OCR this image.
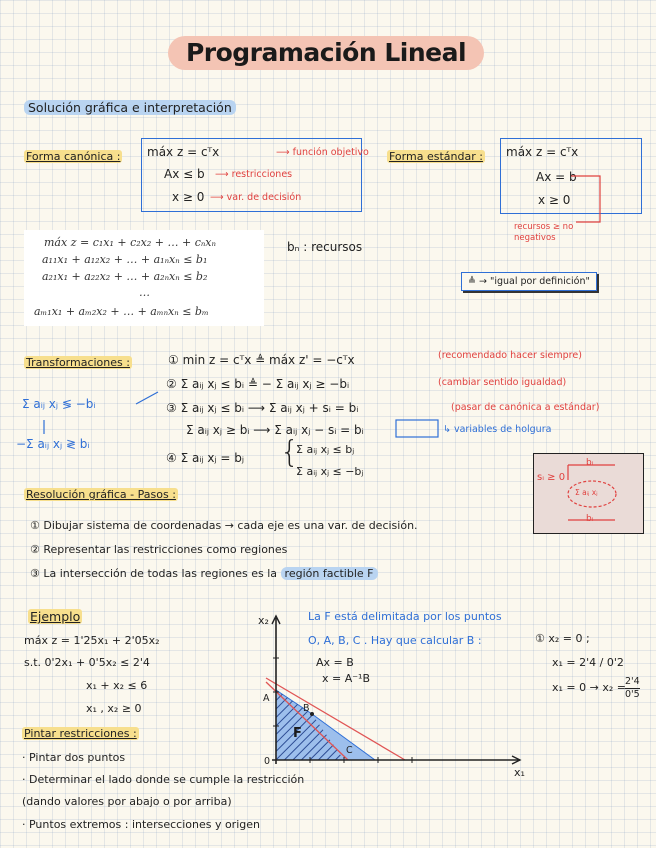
Programación Lineal
Solución gráfica e interpretación
Forma canónica : máx z = cᵀx
Ax ≤ b
x ≥ 0
⟶ función objetivo
⟶ restricciones
⟶ var. de decisión
Forma estándar : máx z = cᵀx
Ax = b
x ≥ 0
recursos ≥ no negativos
máx z = c₁x₁ + c₂x₂ + … + cₙxₙ
a₁₁x₁ + a₁₂x₂ + … + a₁ₙxₙ ≤ b₁
a₂₁x₁ + a₂₂x₂ + … + a₂ₙxₙ ≤ b₂
…
aₘ₁x₁ + aₘ₂x₂ + … + aₘₙxₙ ≤ bₘ
bₙ : recursos
≜ → "igual por definición"
Transformaciones :	① min z = cᵀx ≜ máx z' = −cᵀx	(recomendado hacer siempre)
② Σ aᵢⱼ xⱼ ≤ bᵢ ≜ − Σ aᵢⱼ xⱼ ≥ −bᵢ	(cambiar sentido igualdad)
③ Σ aᵢⱼ xⱼ ≤ bᵢ ⟶ Σ aᵢⱼ xⱼ + sᵢ = bᵢ	(pasar de canónica a estándar)
Σ aᵢⱼ xⱼ ≥ bᵢ ⟶ Σ aᵢⱼ xⱼ − sᵢ = bᵢ	↳ variables de holgura
④ Σ aᵢⱼ xⱼ = bⱼ {
Σ aᵢⱼ xⱼ ≤ bⱼ
Σ aᵢⱼ xⱼ ≤ −bⱼ
Σ aᵢⱼ xⱼ ≶ −bᵢ
−Σ aᵢⱼ xⱼ ≷ bᵢ
sᵢ ≥ 0
bᵢ
Σ aᵢⱼ xⱼ
bᵢ
Resolución gráfica - Pasos :
① Dibujar sistema de coordenadas → cada eje es una var. de decisión.
② Representar las restricciones como regiones
③ La intersección de todas las regiones es la región factible F
Ejemplo
máx z = 1'25x₁ + 2'05x₂
s.t. 0'2x₁ + 0'5x₂ ≤ 2'4
x₁ + x₂ ≤ 6
x₁ , x₂ ≥ 0
Pintar restricciones :
· Pintar dos puntos
· Determinar el lado donde se cumple la restricción
(dando valores por abajo o por arriba)
· Puntos extremos : intersecciones y origen
La F está delimitada por los puntos
O, A, B, C . Hay que calcular B :
Ax = B
x = A⁻¹B
① x₂ = 0 ;
x₁ = 2'4 / 0'2
$x_1 = 0 \to x_2 = \frac{2'4}{0'5}$
x₂
x₁
F
0
A
B
C
